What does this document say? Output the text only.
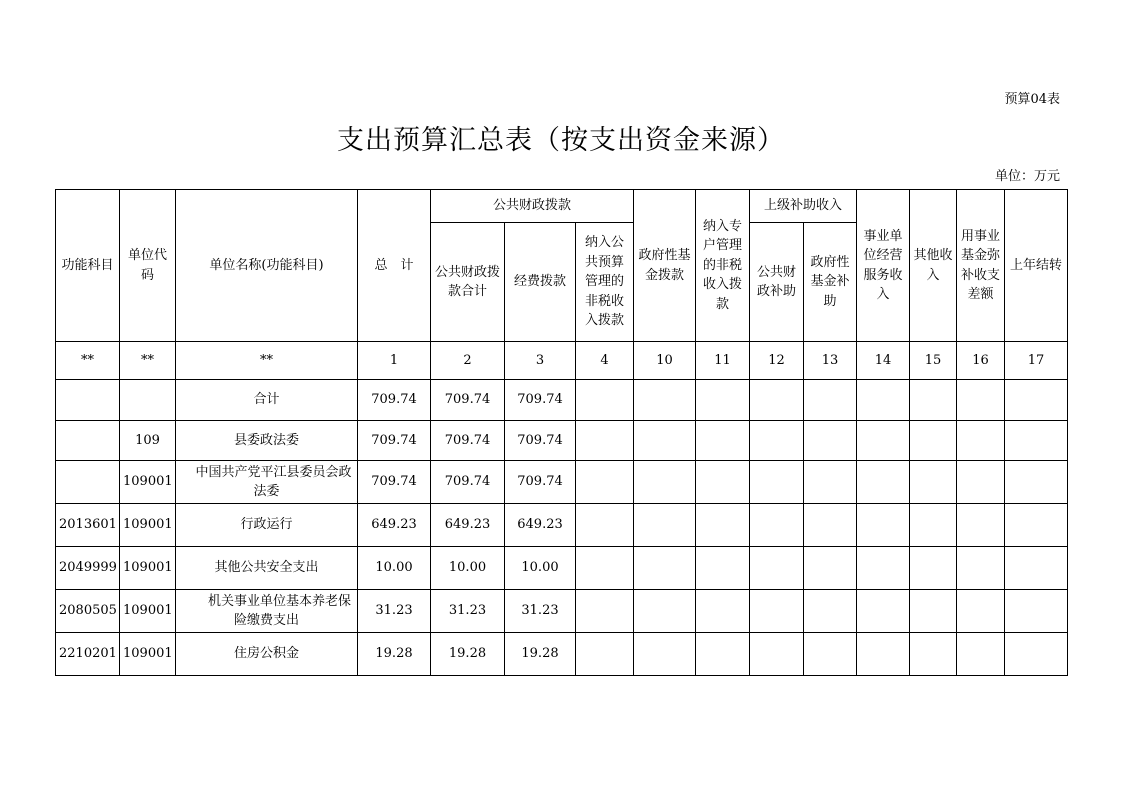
预算04表
支出预算汇总表（按支出资金来源）
单位：万元
功能科目	单位代码	单位名称(功能科目)	总　计	公共财政拨款			政府性基金拨款	纳入专户管理的非税收入拨款	上级补助收入		事业单位经营服务收入	其他收入	用事业基金弥补收支差额	上年结转
				公共财政拨款合计	经费拨款	纳入公共预算管理的非税收入拨款			公共财政补助	政府性基金补助				
**	**	**	1	2	3	4	10	11	12	13	14	15	16	17
		合计	709.74	709.74	709.74									
	109	县委政法委	709.74	709.74	709.74									
	109001	中国共产党平江县委员会政法委	709.74	709.74	709.74									
2013601	109001	行政运行	649.23	649.23	649.23									
2049999	109001	其他公共安全支出	10.00	10.00	10.00									
2080505	109001	机关事业单位基本养老保险缴费支出	31.23	31.23	31.23									
2210201	109001	住房公积金	19.28	19.28	19.28									
